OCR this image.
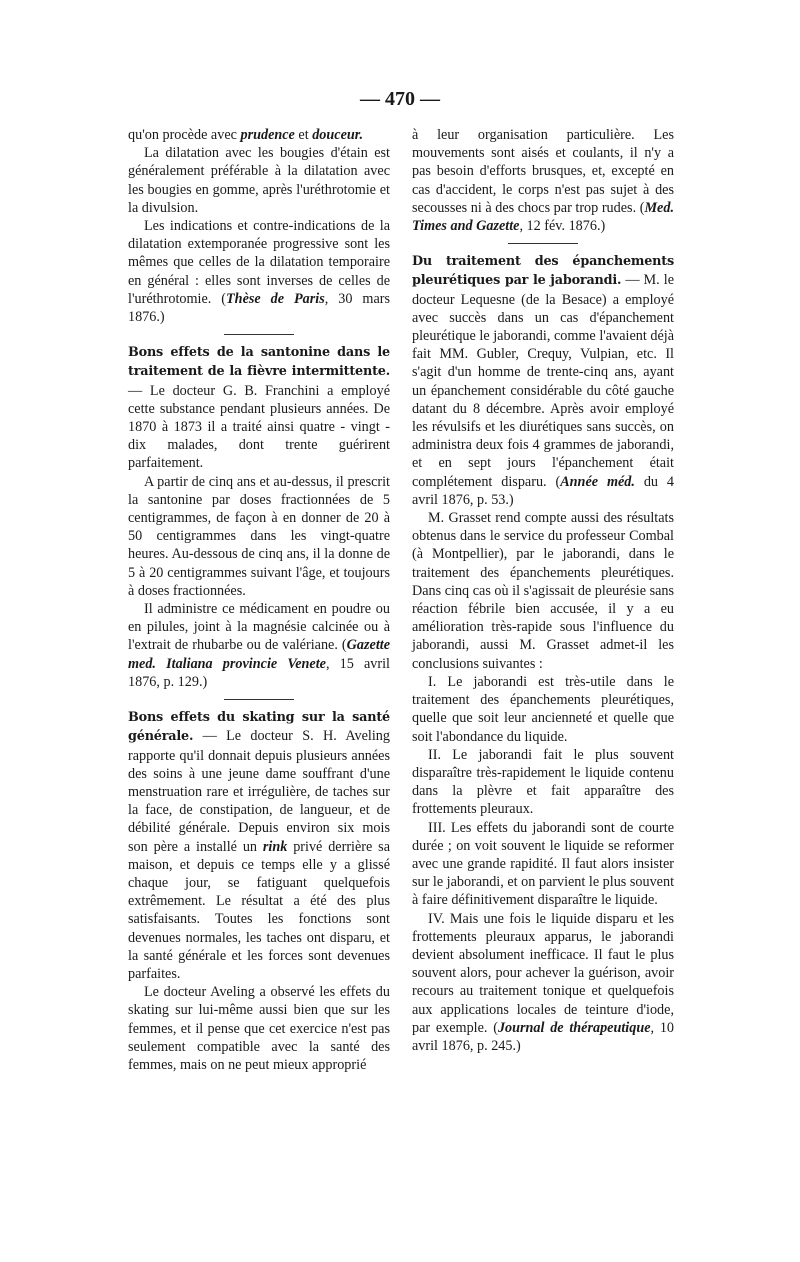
— 470 —

qu'on procède avec prudence et douceur.

La dilatation avec les bougies d'étain est généralement préférable à la dilatation avec les bougies en gomme, après l'uréthrotomie et la divulsion.

Les indications et contre-indications de la dilatation extemporanée progressive sont les mêmes que celles de la dilatation temporaire en général : elles sont inverses de celles de l'uréthrotomie. (Thèse de Paris, 30 mars 1876.)

Bons effets de la santonine dans le traitement de la fièvre intermittente. — Le docteur G. B. Franchini a employé cette substance pendant plusieurs années. De 1870 à 1873 il a traité ainsi quatre - vingt - dix malades, dont trente guérirent parfaitement.

A partir de cinq ans et au-dessus, il prescrit la santonine par doses fractionnées de 5 centigrammes, de façon à en donner de 20 à 50 centigrammes dans les vingt-quatre heures. Au-dessous de cinq ans, il la donne de 5 à 20 centigrammes suivant l'âge, et toujours à doses fractionnées.

Il administre ce médicament en poudre ou en pilules, joint à la magnésie calcinée ou à l'extrait de rhubarbe ou de valériane. (Gazette med. Italiana provincie Venete, 15 avril 1876, p. 129.)

Bons effets du skating sur la santé générale. — Le docteur S. H. Aveling rapporte qu'il donnait depuis plusieurs années des soins à une jeune dame souffrant d'une menstruation rare et irrégulière, de taches sur la face, de constipation, de langueur, et de débilité générale. Depuis environ six mois son père a installé un rink privé derrière sa maison, et depuis ce temps elle y a glissé chaque jour, se fatiguant quelquefois extrêmement. Le résultat a été des plus satisfaisants. Toutes les fonctions sont devenues normales, les taches ont disparu, et la santé générale et les forces sont devenues parfaites.

Le docteur Aveling a observé les effets du skating sur lui-même aussi bien que sur les femmes, et il pense que cet exercice n'est pas seulement compatible avec la santé des femmes, mais on ne peut mieux approprié

à leur organisation particulière. Les mouvements sont aisés et coulants, il n'y a pas besoin d'efforts brusques, et, excepté en cas d'accident, le corps n'est pas sujet à des secousses ni à des chocs par trop rudes. (Med. Times and Gazette, 12 fév. 1876.)

Du traitement des épanchements pleurétiques par le jaborandi. — M. le docteur Lequesne (de la Besace) a employé avec succès dans un cas d'épanchement pleurétique le jaborandi, comme l'avaient déjà fait MM. Gubler, Crequy, Vulpian, etc. Il s'agit d'un homme de trente-cinq ans, ayant un épanchement considérable du côté gauche datant du 8 décembre. Après avoir employé les révulsifs et les diurétiques sans succès, on administra deux fois 4 grammes de jaborandi, et en sept jours l'épanchement était complétement disparu. (Année méd. du 4 avril 1876, p. 53.)

M. Grasset rend compte aussi des résultats obtenus dans le service du professeur Combal (à Montpellier), par le jaborandi, dans le traitement des épanchements pleurétiques. Dans cinq cas où il s'agissait de pleurésie sans réaction fébrile bien accusée, il y a eu amélioration très-rapide sous l'influence du jaborandi, aussi M. Grasset admet-il les conclusions suivantes :

I. Le jaborandi est très-utile dans le traitement des épanchements pleurétiques, quelle que soit leur ancienneté et quelle que soit l'abondance du liquide.

II. Le jaborandi fait le plus souvent disparaître très-rapidement le liquide contenu dans la plèvre et fait apparaître des frottements pleuraux.

III. Les effets du jaborandi sont de courte durée ; on voit souvent le liquide se reformer avec une grande rapidité. Il faut alors insister sur le jaborandi, et on parvient le plus souvent à faire définitivement disparaître le liquide.

IV. Mais une fois le liquide disparu et les frottements pleuraux apparus, le jaborandi devient absolument inefficace. Il faut le plus souvent alors, pour achever la guérison, avoir recours au traitement tonique et quelquefois aux applications locales de teinture d'iode, par exemple. (Journal de thérapeutique, 10 avril 1876, p. 245.)
